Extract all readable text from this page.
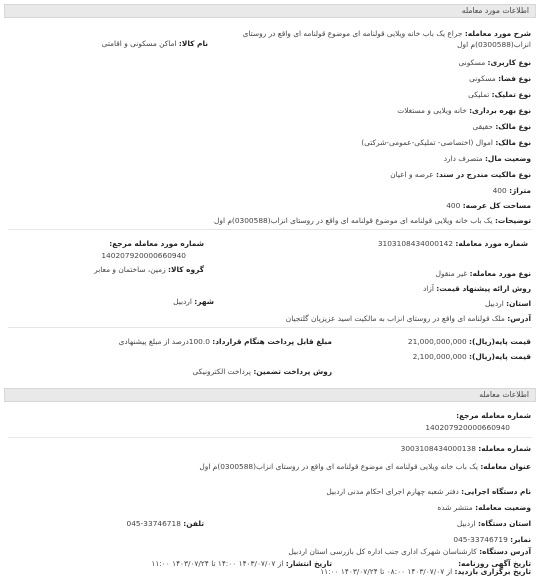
اطلاعات مورد معامله
شرح مورد معامله: جراع یک باب خانه ویلایی قولنامه ای موضوع قولنامه ای واقع در روستای انزاب(0300588)م اول
نام کالا: اماکن مسکونی و اقامتی
نوع کاربری: مسکونی
نوع فضا: مسکونی
نوع تملیک: تملیکی
نوع بهره برداری: خانه ویلایی و مستغلات
نوع مالک: حقیقی
نوع مالک: اموال (اختصاصی- تملیکی-عمومی-شرکتی)
وضعیت مال: متصرف دارد
نوع مالکیت مندرج در سند: عرصه و اعیان
متراژ: 400
مساحت کل عرصه: 400
توضیحات: یک باب خانه ویلایی قولنامه ای موضوع قولنامه ای واقع در روستای انزاب(0300588)م اول
شماره مورد معامله: 3103108434000142
شماره مورد معامله مرجع:
140207920000660940
گروه کالا: زمین، ساختمان و معابر	نوع مورد معامله: غیر منقول
روش ارائه پیشنهاد قیمت: آزاد
شهر: اردبیل	استان: اردبیل
آدرس: ملک قولنامه ای واقع در روستای انزاب به مالکیت اسید عزیزیان گلتجیان
قیمت پایه(ریال): 21,000,000,000
مبلغ قابل پرداخت هنگام قرارداد: 100.0درصد از مبلغ پیشنهادی
قیمت پایه(ریال): 2,100,000,000
روش پرداخت تضمین: پرداخت الکترونیکی
اطلاعات معامله
شماره معامله مرجع:
140207920000660940
شماره معامله: 3003108434000138
عنوان معامله: یک باب خانه ویلایی قولنامه ای موضوع قولنامه ای واقع در روستای انزاب(0300588)م اول
نام دستگاه اجرایی: دفتر شعبه چهارم اجرای احکام مدنی اردبیل
وضعیت معامله: منتشر شده
استان دستگاه: اردبیل
تلفن: 33746718-045
نمابر: 33746719-045
آدرس دستگاه: کارشناسان شهرک اداری جنب اداره کل بازرسی استان اردبیل
تاریخ آگهی روزنامه:
تاریخ انتشار: از ۱۴۰۳/۰۷/۰۷ ۱۴:۰۰ تا ۱۴۰۳/۰۷/۲۴ ۱۱:۰۰
تاریخ برگزاری بازدید: از ۱۴۰۳/۰۷/۰۷ ۰۸:۰۰ تا ۱۴۰۳/۰۷/۲۴ ۱۱:۰۰
